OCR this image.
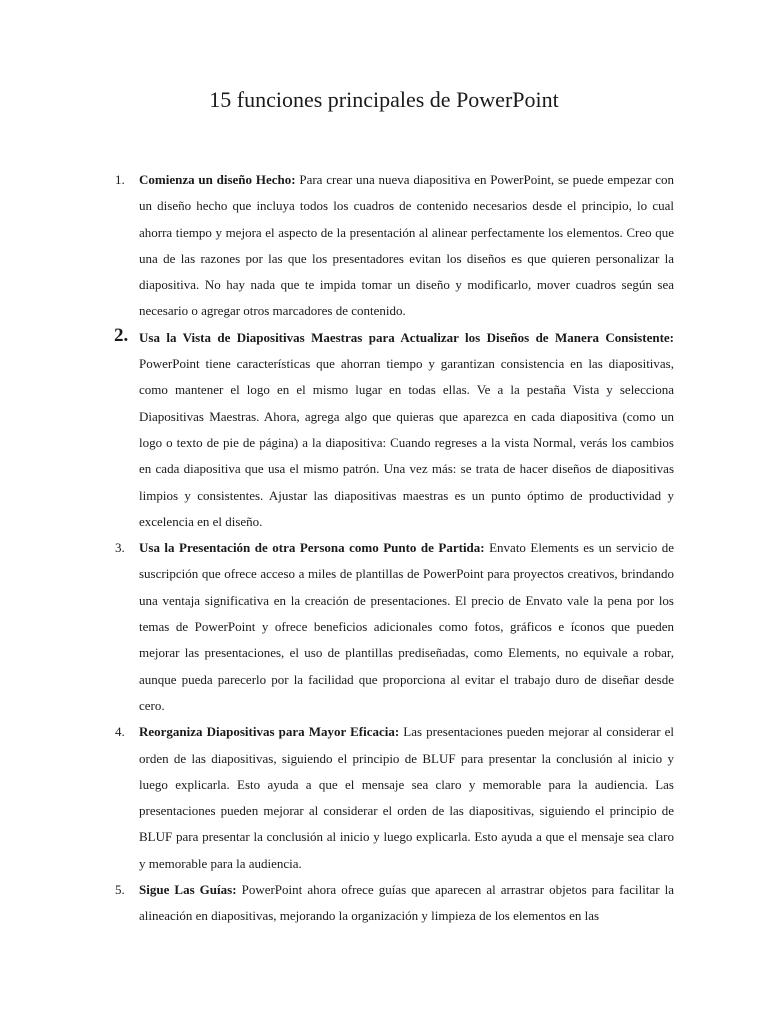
15 funciones principales de PowerPoint
1.	Comienza un diseño Hecho: Para crear una nueva diapositiva en PowerPoint, se puede empezar con un diseño hecho que incluya todos los cuadros de contenido necesarios desde el principio, lo cual ahorra tiempo y mejora el aspecto de la presentación al alinear perfectamente los elementos. Creo que una de las razones por las que los presentadores evitan los diseños es que quieren personalizar la diapositiva. No hay nada que te impida tomar un diseño y modificarlo, mover cuadros según sea necesario o agregar otros marcadores de contenido.
2. Usa la Vista de Diapositivas Maestras para Actualizar los Diseños de Manera Consistente: PowerPoint tiene características que ahorran tiempo y garantizan consistencia en las diapositivas, como mantener el logo en el mismo lugar en todas ellas. Ve a la pestaña Vista y selecciona Diapositivas Maestras. Ahora, agrega algo que quieras que aparezca en cada diapositiva (como un logo o texto de pie de página) a la diapositiva: Cuando regreses a la vista Normal, verás los cambios en cada diapositiva que usa el mismo patrón. Una vez más: se trata de hacer diseños de diapositivas limpios y consistentes. Ajustar las diapositivas maestras es un punto óptimo de productividad y excelencia en el diseño.
3.	Usa la Presentación de otra Persona como Punto de Partida: Envato Elements es un servicio de suscripción que ofrece acceso a miles de plantillas de PowerPoint para proyectos creativos, brindando una ventaja significativa en la creación de presentaciones. El precio de Envato vale la pena por los temas de PowerPoint y ofrece beneficios adicionales como fotos, gráficos e íconos que pueden mejorar las presentaciones, el uso de plantillas prediseñadas, como Elements, no equivale a robar, aunque pueda parecerlo por la facilidad que proporciona al evitar el trabajo duro de diseñar desde cero.
4.	Reorganiza Diapositivas para Mayor Eficacia: Las presentaciones pueden mejorar al considerar el orden de las diapositivas, siguiendo el principio de BLUF para presentar la conclusión al inicio y luego explicarla. Esto ayuda a que el mensaje sea claro y memorable para la audiencia. Las presentaciones pueden mejorar al considerar el orden de las diapositivas, siguiendo el principio de BLUF para presentar la conclusión al inicio y luego explicarla. Esto ayuda a que el mensaje sea claro y memorable para la audiencia.
5.	Sigue Las Guías: PowerPoint ahora ofrece guías que aparecen al arrastrar objetos para facilitar la alineación en diapositivas, mejorando la organización y limpieza de los elementos en las
